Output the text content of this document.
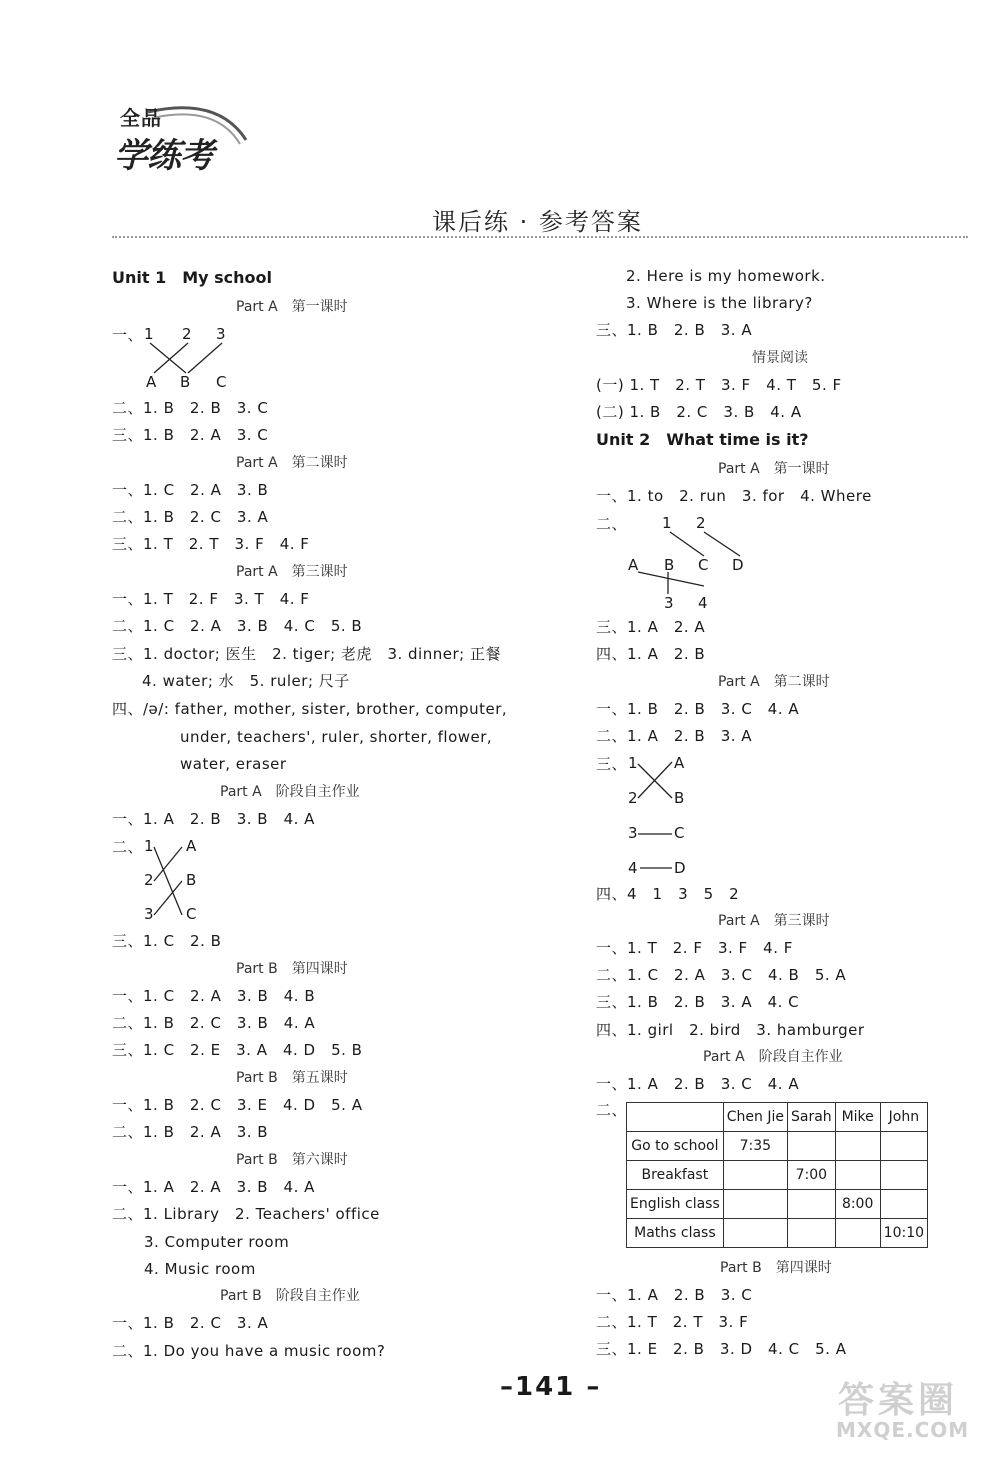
全品
学练考
课后练 · 参考答案
Unit 1　My school
Part A　第一课时
一、 1 2 3
A B C
二、1. B　2. B　3. C
三、1. B　2. A　3. C
Part A　第二课时
一、1. C　2. A　3. B
二、1. B　2. C　3. A
三、1. T　2. T　3. F　4. F
Part A　第三课时
一、1. T　2. F　3. T　4. F
二、1. C　2. A　3. B　4. C　5. B
三、1. doctor; 医生　2. tiger; 老虎　3. dinner; 正餐
4. water; 水　5. ruler; 尺子
四、/ə/: father, mother, sister, brother, computer,
under, teachers', ruler, shorter, flower,
water, eraser
Part A　阶段自主作业
一、1. A　2. B　3. B　4. A
二、 1
2
3
A
B
C
三、1. C　2. B
Part B　第四课时
一、1. C　2. A　3. B　4. B
二、1. B　2. C　3. B　4. A
三、1. C　2. E　3. A　4. D　5. B
Part B　第五课时
一、1. B　2. C　3. E　4. D　5. A
二、1. B　2. A　3. B
Part B　第六课时
一、1. A　2. A　3. B　4. A
二、1. Library　2. Teachers' office
3. Computer room
4. Music room
Part B　阶段自主作业
一、1. B　2. C　3. A
二、1. Do you have a music room?
2. Here is my homework.
3. Where is the library?
三、1. B　2. B　3. A
情景阅读
(一) 1. T　2. T　3. F　4. T　5. F
(二) 1. B　2. C　3. B　4. A
Unit 2　What time is it?
Part A　第一课时
一、1. to　2. run　3. for　4. Where
二、 1 2
A B C D
3 4
三、1. A　2. A
四、1. A　2. B
Part A　第二课时
一、1. B　2. B　3. C　4. A
二、1. A　2. B　3. A
三、 1
2
3
4
A
B
C
D
四、4　1　3　5　2
Part A　第三课时
一、1. T　2. F　3. F　4. F
二、1. C　2. A　3. C　4. B　5. A
三、1. B　2. B　3. A　4. C
四、1. girl　2. bird　3. hamburger
Part A　阶段自主作业
一、1. A　2. B　3. C　4. A
二、
		Chen Jie	Sarah	Mike	John
Go to school	7:35			
Breakfast		7:00		
English class			8:00	
Maths class				10:10
Part B　第四课时
一、1. A　2. B　3. C
二、1. T　2. T　3. F
三、1. E　2. B　3. D　4. C　5. A
–141 –	答案圈
MXQE.COM
